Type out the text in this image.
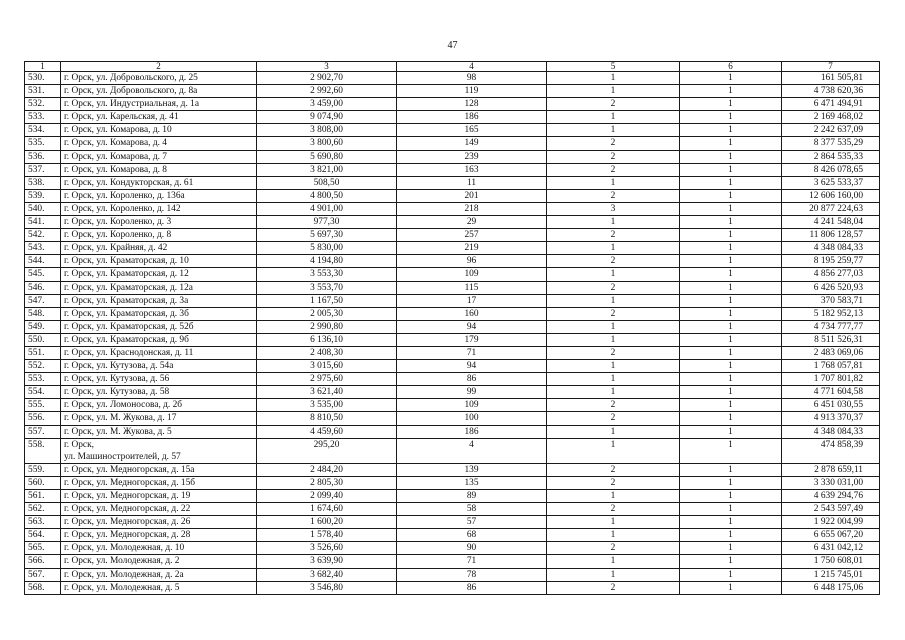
47
1	2	3	4	5	6	7
530.	г. Орск, ул. Добровольского, д. 25	2 902,70	98	1	1	161 505,81
531.	г. Орск, ул. Добровольского, д. 8а	2 992,60	119	1	1	4 738 620,36
532.	г. Орск, ул. Индустриальная, д. 1а	3 459,00	128	2	1	6 471 494,91
533.	г. Орск, ул. Карельская, д. 41	9 074,90	186	1	1	2 169 468,02
534.	г. Орск, ул. Комарова, д. 10	3 808,00	165	1	1	2 242 637,09
535.	г. Орск, ул. Комарова, д. 4	3 800,60	149	2	1	8 377 535,29
536.	г. Орск, ул. Комарова, д. 7	5 690,80	239	2	1	2 864 535,33
537.	г. Орск, ул. Комарова, д. 8	3 821,00	163	2	1	8 426 078,65
538.	г. Орск, ул. Кондукторская, д. 61	508,50	11	1	1	3 625 533,37
539.	г. Орск, ул. Короленко, д. 136а	4 800,50	201	2	1	12 606 160,00
540.	г. Орск, ул. Короленко, д. 142	4 901,00	218	3	1	20 877 224,63
541.	г. Орск, ул. Короленко, д. 3	977,30	29	1	1	4 241 548,04
542.	г. Орск, ул. Короленко, д. 8	5 697,30	257	2	1	11 806 128,57
543.	г. Орск, ул. Крайняя, д. 42	5 830,00	219	1	1	4 348 084,33
544.	г. Орск, ул. Краматорская, д. 10	4 194,80	96	2	1	8 195 259,77
545.	г. Орск, ул. Краматорская, д. 12	3 553,30	109	1	1	4 856 277,03
546.	г. Орск, ул. Краматорская, д. 12а	3 553,70	115	2	1	6 426 520,93
547.	г. Орск, ул. Краматорская, д. 3а	1 167,50	17	1	1	370 583,71
548.	г. Орск, ул. Краматорская, д. 3б	2 005,30	160	2	1	5 182 952,13
549.	г. Орск, ул. Краматорская, д. 52б	2 990,80	94	1	1	4 734 777,77
550.	г. Орск, ул. Краматорская, д. 9б	6 136,10	179	1	1	8 511 526,31
551.	г. Орск, ул. Краснодонская, д. 11	2 408,30	71	2	1	2 483 069,06
552.	г. Орск, ул. Кутузова, д. 54а	3 015,60	94	1	1	1 768 057,81
553.	г. Орск, ул. Кутузова, д. 56	2 975,60	86	1	1	1 707 801,82
554.	г. Орск, ул. Кутузова, д. 58	3 621,40	99	1	1	4 771 604,58
555.	г. Орск, ул. Ломоносова, д. 2б	3 535,00	109	2	1	6 451 030,55
556.	г. Орск, ул. М. Жукова, д. 17	8 810,50	100	2	1	4 913 370,37
557.	г. Орск, ул. М. Жукова, д. 5	4 459,60	186	1	1	4 348 084,33
558.	г. Орск,
ул. Машиностроителей, д. 57	295,20	4	1	1	474 858,39
559.	г. Орск, ул. Медногорская, д. 15а	2 484,20	139	2	1	2 878 659,11
560.	г. Орск, ул. Медногорская, д. 15б	2 805,30	135	2	1	3 330 031,00
561.	г. Орск, ул. Медногорская, д. 19	2 099,40	89	1	1	4 639 294,76
562.	г. Орск, ул. Медногорская, д. 22	1 674,60	58	2	1	2 543 597,49
563.	г. Орск, ул. Медногорская, д. 26	1 600,20	57	1	1	1 922 004,99
564.	г. Орск, ул. Медногорская, д. 28	1 578,40	68	1	1	6 655 067,20
565.	г. Орск, ул. Молодежная, д. 10	3 526,60	90	2	1	6 431 042,12
566.	г. Орск, ул. Молодежная, д. 2	3 639,90	71	1	1	1 750 608,01
567.	г. Орск, ул. Молодежная, д. 2а	3 682,40	78	1	1	1 215 745,01
568.	г. Орск, ул. Молодежная, д. 5	3 546,80	86	2	1	6 448 175,06
